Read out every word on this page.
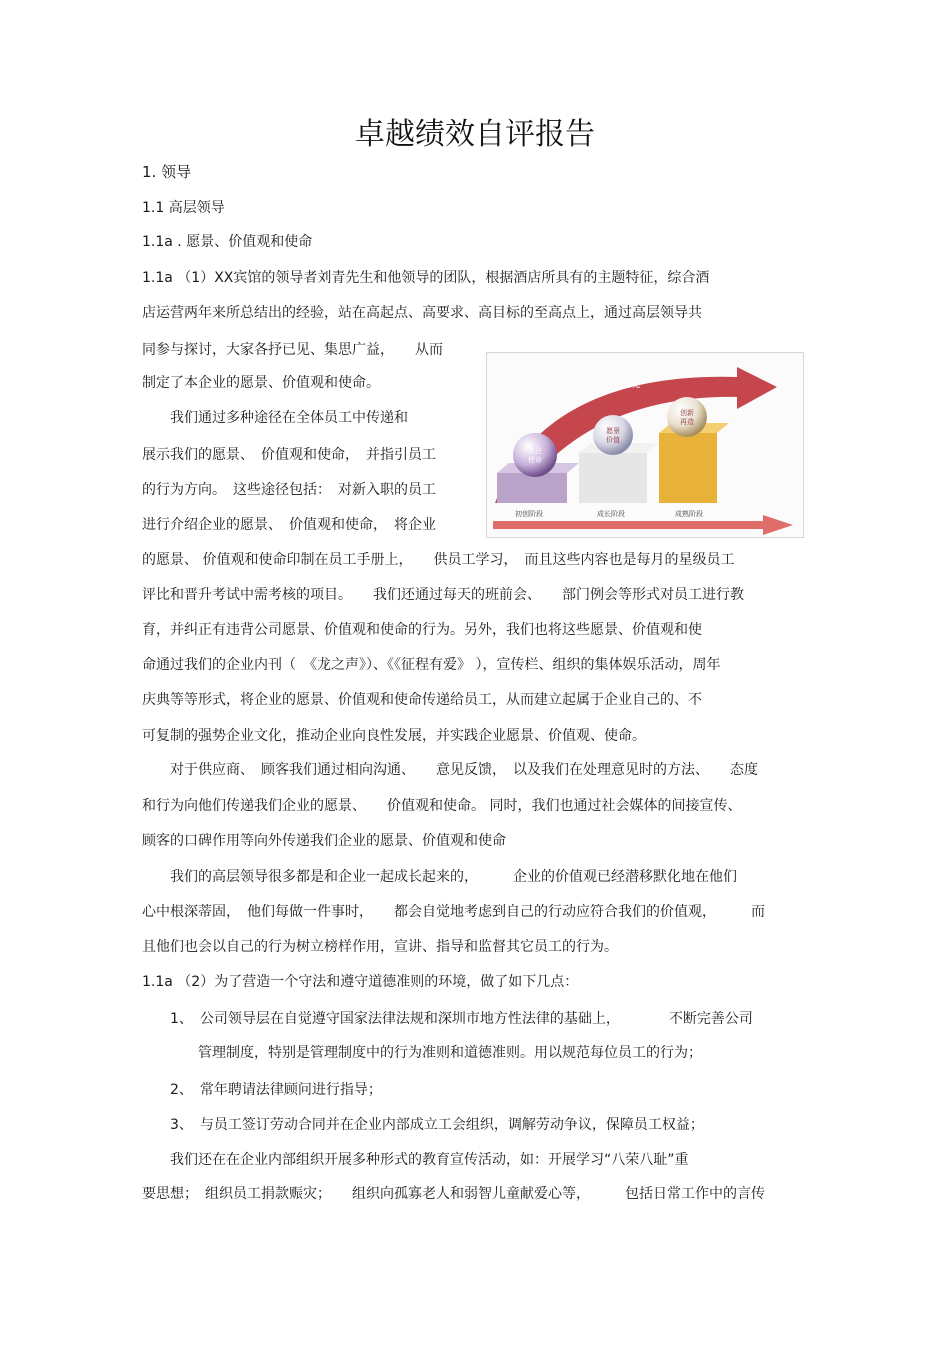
卓越绩效自评报告
1. 领导
1.1 高层领导
1.1a . 愿景、价值观和使命
1.1a （1）XX宾馆的领导者刘青先生和他领导的团队，根据酒店所具有的主题特征，综合酒
店运营两年来所总结出的经验，站在高起点、高要求、高目标的至高点上，通过高层领导共
同参与探讨，大家各抒已见、集思广益，　　从而
制定了本企业的愿景、价值观和使命。
　　我们通过多种途径在全体员工中传递和
展示我们的愿景、　价值观和使命，　并指引员工
的行为方向。　这些途径包括：　对新入职的员工
进行介绍企业的愿景、　价值观和使命，　将企业
的愿景、 价值观和使命印制在员工手册上，　　供员工学习，　而且这些内容也是每月的星级员工
评比和晋升考试中需考核的项目。　　我们还通过每天的班前会、　　部门例会等形式对员工进行教
育，并纠正有违背公司愿景、价值观和使命的行为。另外，我们也将这些愿景、价值观和使
命通过我们的企业内刊（　《龙之声》）、《《征程有爱》 ），宣传栏、组织的集体娱乐活动，周年
庆典等等形式，将企业的愿景、价值观和使命传递给员工，从而建立起属于企业自己的、不
可复制的强势企业文化，推动企业向良性发展，并实践企业愿景、价值观、使命。
　　对于供应商、　顾客我们通过相向沟通、　　意见反馈，　以及我们在处理意见时的方法、　　态度
和行为向他们传递我们企业的愿景、　　价值观和使命。 同时，我们也通过社会媒体的间接宣传、
顾客的口碑作用等向外传递我们企业的愿景、价值观和使命
　　我们的高层领导很多都是和企业一起成长起来的，　　　企业的价值观已经潜移默化地在他们
心中根深蒂固，　他们每做一件事时，　　都会自觉地考虑到自己的行动应符合我们的价值观，　　　而
且他们也会以自己的行为树立榜样作用，宣讲、指导和监督其它员工的行为。
1.1a （2）为了营造一个守法和遵守道德准则的环境，做了如下几点：
　　1、　公司领导层在自觉遵守国家法律法规和深圳市地方性法律的基础上，　　　　不断完善公司
　　　　管理制度，特别是管理制度中的行为准则和道德准则。用以规范每位员工的行为；
　　2、　常年聘请法律顾问进行指导；
　　3、　与员工签订劳动合同并在企业内部成立工会组织，调解劳动争议，保障员工权益；
　　我们还在在企业内部组织开展多种形式的教育宣传活动，如：开展学习“八荣八耻”重
要思想；　组织员工捐款赈灾；　　组织向孤寡老人和弱智儿童献爱心等，　　　包括日常工作中的言传
价值观
关注使命
愿景价值
创新再造
初创阶段	成长阶段	成熟阶段
